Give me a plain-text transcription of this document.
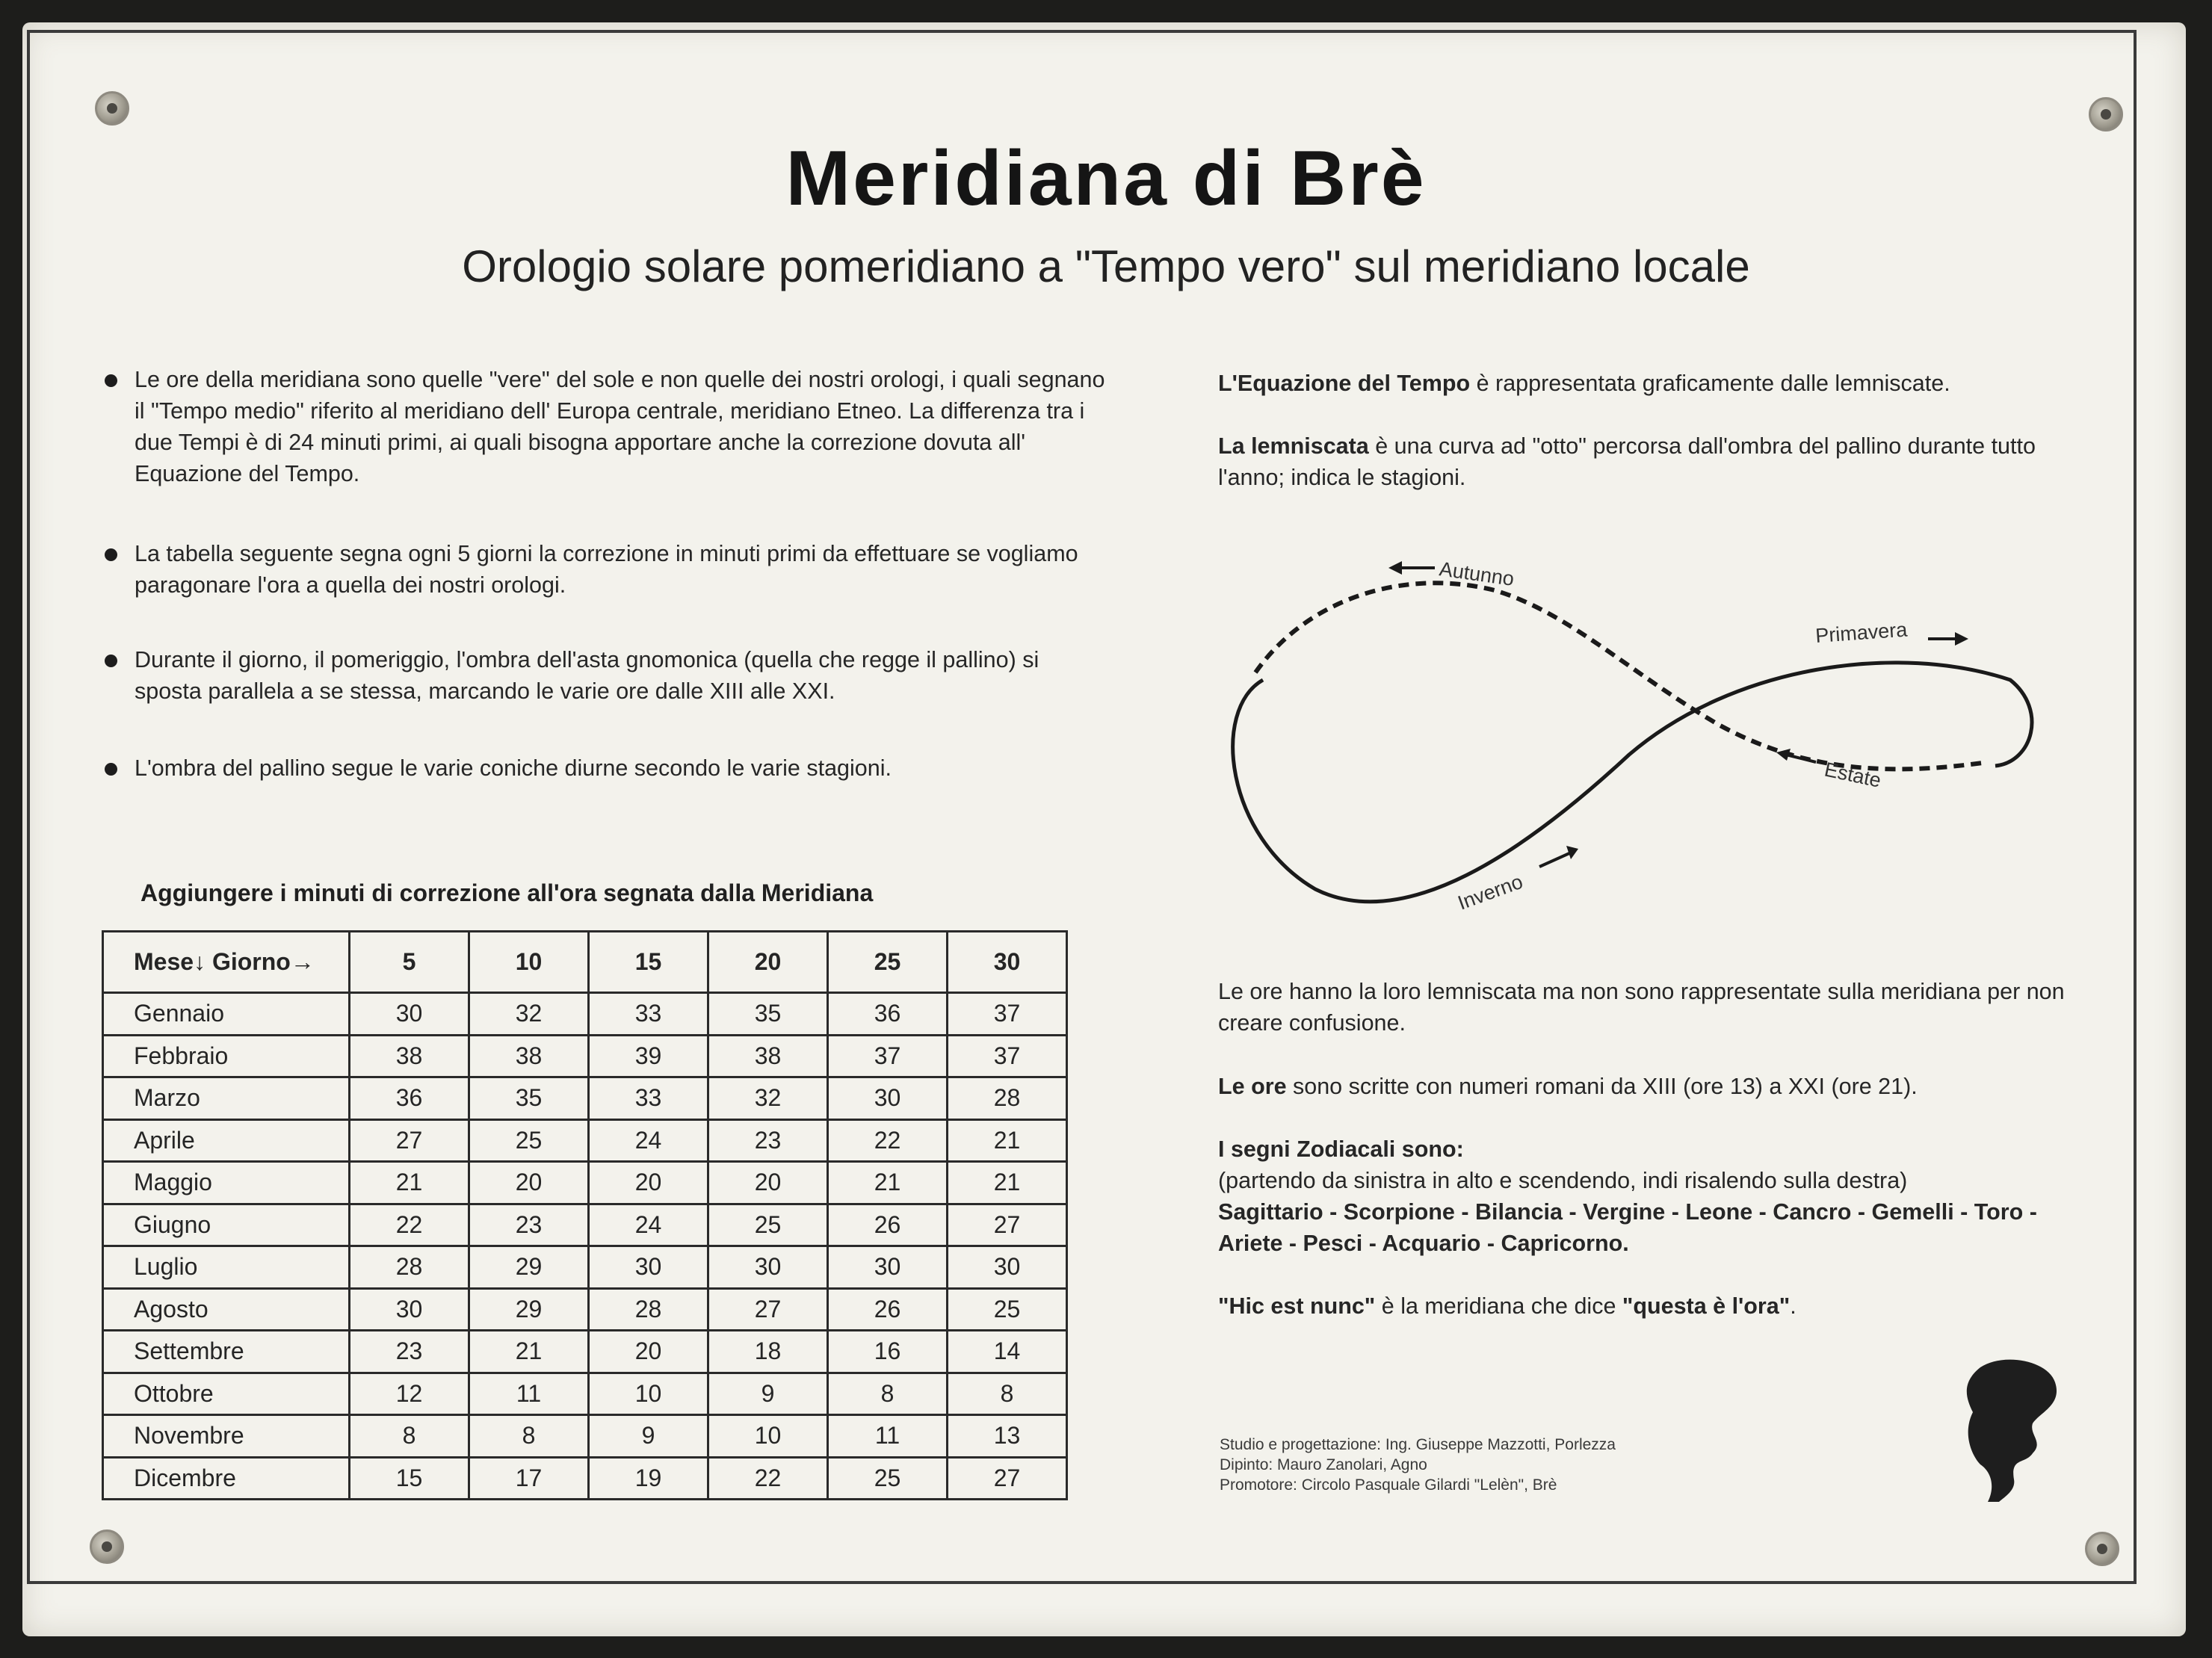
Meridiana di Brè
Orologio solare pomeridiano a "Tempo vero" sul meridiano locale
Le ore della meridiana sono quelle "vere" del sole e non quelle dei nostri orologi, i quali segnano il "Tempo medio" riferito al meridiano dell' Europa centrale, meridiano Etneo. La differenza tra i due Tempi è di 24 minuti primi, ai quali bisogna apportare anche la correzione dovuta all' Equazione del Tempo.
La tabella seguente segna ogni 5 giorni la correzione in minuti primi da effettuare se vogliamo paragonare l'ora a quella dei nostri orologi.
Durante il giorno, il pomeriggio, l'ombra dell'asta gnomonica (quella che regge il pallino) si sposta parallela a se stessa, marcando le varie ore dalle XIII alle XXI.
L'ombra del pallino segue le varie coniche diurne secondo le varie stagioni.
L'Equazione del Tempo è rappresentata graficamente dalle lemniscate.
La lemniscata è una curva ad "otto" percorsa dall'ombra del pallino durante tutto l'anno; indica le stagioni.
Autunno
Primavera
Estate
Inverno
Le ore hanno la loro lemniscata ma non sono rappresentate sulla meridiana per non creare confusione.
Le ore sono scritte con numeri romani da XIII (ore 13) a XXI (ore 21).
I segni Zodiacali sono:
(partendo da sinistra in alto e scendendo, indi risalendo sulla destra)
Sagittario - Scorpione - Bilancia - Vergine - Leone - Cancro - Gemelli - Toro - Ariete - Pesci - Acquario - Capricorno.
"Hic est nunc" è la meridiana che dice "questa è l'ora".
Aggiungere i minuti di correzione all'ora segnata dalla Meridiana
Mese↓ Giorno→	5	10	15	20	25	30
Gennaio	30	32	33	35	36	37
Febbraio	38	38	39	38	37	37
Marzo	36	35	33	32	30	28
Aprile	27	25	24	23	22	21
Maggio	21	20	20	20	21	21
Giugno	22	23	24	25	26	27
Luglio	28	29	30	30	30	30
Agosto	30	29	28	27	26	25
Settembre	23	21	20	18	16	14
Ottobre	12	11	10	9	8	8
Novembre	8	8	9	10	11	13
Dicembre	15	17	19	22	25	27
Studio e progettazione: Ing. Giuseppe Mazzotti, Porlezza
Dipinto: Mauro Zanolari, Agno
Promotore: Circolo Pasquale Gilardi "Lelèn", Brè
